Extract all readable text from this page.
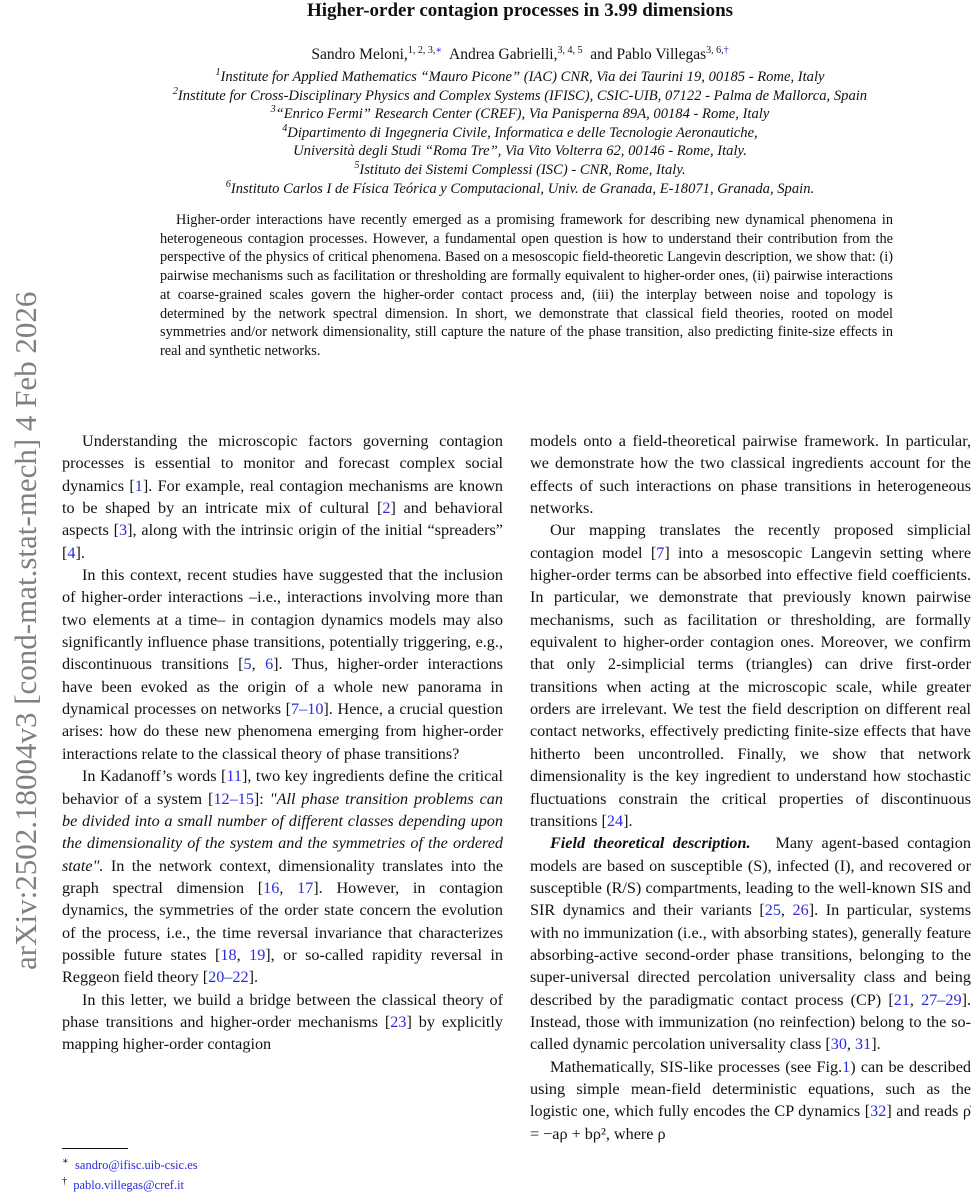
Higher-order contagion processes in 3.99 dimensions
Sandro Meloni,$^{1, 2, 3,∗}$ Andrea Gabrielli,$^{3, 4, 5}$ and Pablo Villegas$^{3, 6,\dagger}$
$^1$Institute for Applied Mathematics “Mauro Picone” (IAC) CNR, Via dei Taurini 19, 00185 - Rome, Italy
$^2$Institute for Cross-Disciplinary Physics and Complex Systems (IFISC), CSIC-UIB, 07122 - Palma de Mallorca, Spain
$^3$“Enrico Fermi” Research Center (CREF), Via Panisperna 89A, 00184 - Rome, Italy
$^4$Dipartimento di Ingegneria Civile, Informatica e delle Tecnologie Aeronautiche,
Università degli Studi “Roma Tre”, Via Vito Volterra 62, 00146 - Rome, Italy.
$^5$Istituto dei Sistemi Complessi (ISC) - CNR, Rome, Italy.
$^6$Instituto Carlos I de Física Teórica y Computacional, Univ. de Granada, E-18071, Granada, Spain.
Higher-order interactions have recently emerged as a promising framework for describing new dynamical phenomena in heterogeneous contagion processes. However, a fundamental open question is how to understand their contribution from the perspective of the physics of critical phenomena. Based on a mesoscopic field-theoretic Langevin description, we show that: (i) pairwise mechanisms such as facilitation or thresholding are formally equivalent to higher-order ones, (ii) pairwise interactions at coarse-grained scales govern the higher-order contact process and, (iii) the interplay between noise and topology is determined by the network spectral dimension. In short, we demonstrate that classical field theories, rooted on model symmetries and/or network dimensionality, still capture the nature of the phase transition, also predicting finite-size effects in real and synthetic networks.
arXiv:2502.18004v3 [cond-mat.stat-mech] 4 Feb 2026	Understanding the microscopic factors governing contagion processes is essential to monitor and forecast complex social dynamics [1]. For example, real contagion mechanisms are known to be shaped by an intricate mix of cultural [2] and behavioral aspects [3], along with the intrinsic origin of the initial “spreaders” [4].

In this context, recent studies have suggested that the inclusion of higher-order interactions –i.e., interactions involving more than two elements at a time– in contagion dynamics models may also significantly influence phase transitions, potentially triggering, e.g., discontinuous transitions [5, 6]. Thus, higher-order interactions have been evoked as the origin of a whole new panorama in dynamical processes on networks [7–10]. Hence, a crucial question arises: how do these new phenomena emerging from higher-order interactions relate to the classical theory of phase transitions?

In Kadanoff’s words [11], two key ingredients define the critical behavior of a system [12–15]: "All phase transition problems can be divided into a small number of different classes depending upon the dimensionality of the system and the symmetries of the ordered state". In the network context, dimensionality translates into the graph spectral dimension [16, 17]. However, in contagion dynamics, the symmetries of the order state concern the evolution of the process, i.e., the time reversal invariance that characterizes possible future states [18, 19], or so-called rapidity reversal in Reggeon field theory [20–22].

In this letter, we build a bridge between the classical theory of phase transitions and higher-order mechanisms [23] by explicitly mapping higher-order contagion

∗ sandro@ifisc.uib-csic.es
† pablo.villegas@cref.it

models onto a field-theoretical pairwise framework. In particular, we demonstrate how the two classical ingredients account for the effects of such interactions on phase transitions in heterogeneous networks.

Our mapping translates the recently proposed simplicial contagion model [7] into a mesoscopic Langevin setting where higher-order terms can be absorbed into effective field coefficients. In particular, we demonstrate that previously known pairwise mechanisms, such as facilitation or thresholding, are formally equivalent to higher-order contagion ones. Moreover, we confirm that only 2-simplicial terms (triangles) can drive first-order transitions when acting at the microscopic scale, while greater orders are irrelevant. We test the field description on different real contact networks, effectively predicting finite-size effects that have hitherto been uncontrolled. Finally, we show that network dimensionality is the key ingredient to understand how stochastic fluctuations constrain the critical properties of discontinuous transitions [24].

Field theoretical description. Many agent-based contagion models are based on susceptible (S), infected (I), and recovered or susceptible (R/S) compartments, leading to the well-known SIS and SIR dynamics and their variants [25, 26]. In particular, systems with no immunization (i.e., with absorbing states), generally feature absorbing-active second-order phase transitions, belonging to the super-universal directed percolation universality class and being described by the paradigmatic contact process (CP) [21, 27–29]. Instead, those with immunization (no reinfection) belong to the so-called dynamic percolation universality class [30, 31].

Mathematically, SIS-like processes (see Fig.1) can be described using simple mean-field deterministic equations, such as the logistic one, which fully encodes the CP dynamics [32] and reads ρ̇ = −aρ + bρ², where ρ
